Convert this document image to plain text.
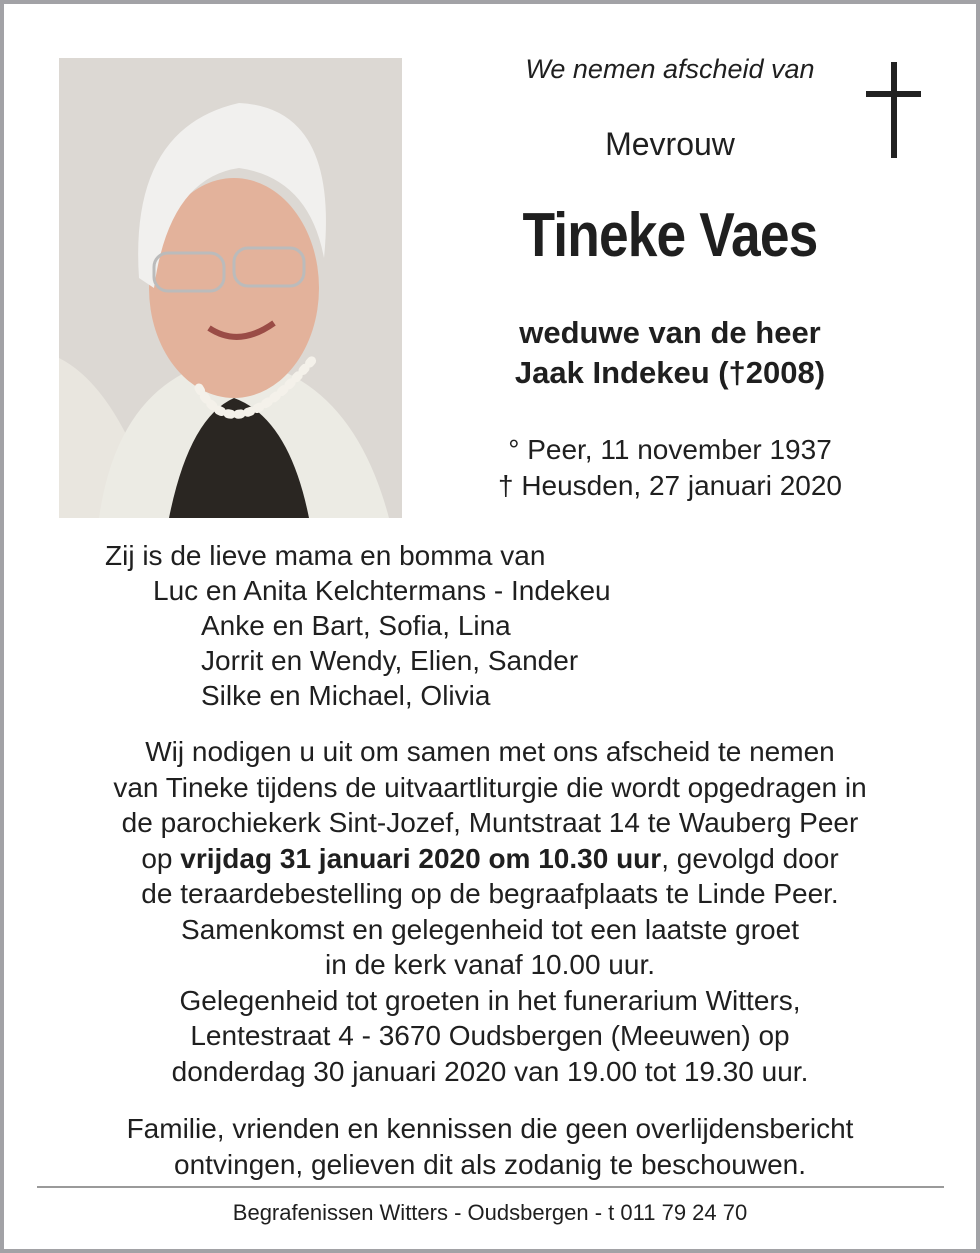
We nemen afscheid van
Mevrouw
Tineke Vaes
weduwe van de heer
Jaak Indekeu (†2008)
° Peer, 11 november 1937
† Heusden, 27 januari 2020
Zij is de lieve mama en bomma van
Luc en Anita Kelchtermans - Indekeu
Anke en Bart, Sofia, Lina
Jorrit en Wendy, Elien, Sander
Silke en Michael, Olivia
Wij nodigen u uit om samen met ons afscheid te nemen
van Tineke tijdens de uitvaartliturgie die wordt opgedragen in
de parochiekerk Sint-Jozef, Muntstraat 14 te Wauberg Peer
op vrijdag 31 januari 2020 om 10.30 uur, gevolgd door
de teraardebestelling op de begraafplaats te Linde Peer.
Samenkomst en gelegenheid tot een laatste groet
in de kerk vanaf 10.00 uur.
Gelegenheid tot groeten in het funerarium Witters,
Lentestraat 4 - 3670 Oudsbergen (Meeuwen) op
donderdag 30 januari 2020 van 19.00 tot 19.30 uur.
Familie, vrienden en kennissen die geen overlijdensbericht
ontvingen, gelieven dit als zodanig te beschouwen.
Begrafenissen Witters - Oudsbergen - t 011 79 24 70
